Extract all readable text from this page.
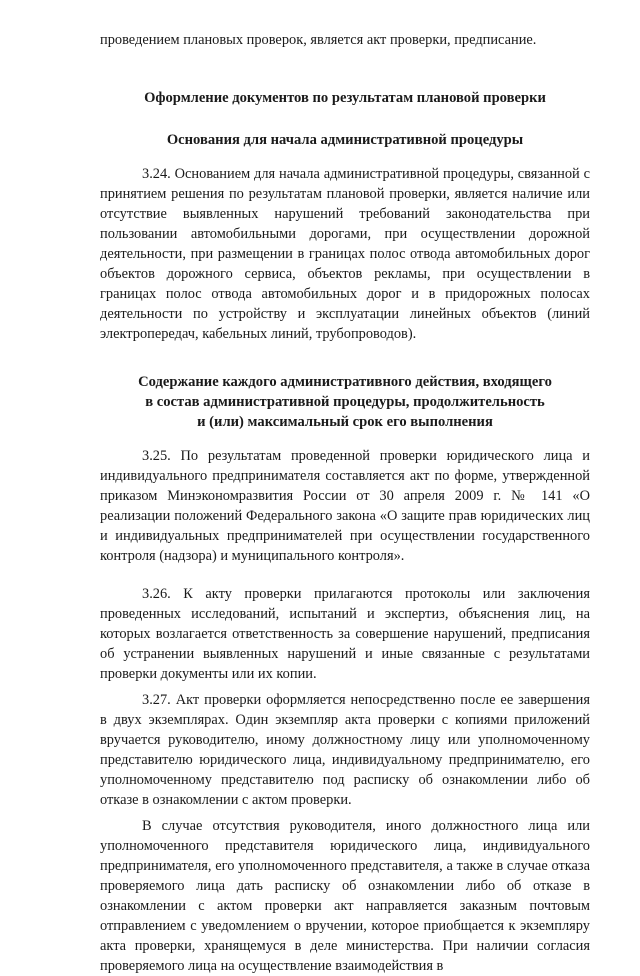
проведением плановых проверок, является акт проверки, предписание.

Оформление документов по результатам плановой проверки
Основания для начала административной процедуры

3.24. Основанием для начала административной процедуры, связанной с принятием решения по результатам плановой проверки, является наличие или отсутствие выявленных нарушений требований законодательства при пользовании автомобильными дорогами, при осуществлении дорожной деятельности, при размещении в границах полос отвода автомобильных дорог объектов дорожного сервиса, объектов рекламы, при осуществлении в границах полос отвода автомобильных дорог и в придорожных полосах деятельности по устройству и эксплуатации линейных объектов (линий электропередач, кабельных линий, трубопроводов).

Содержание каждого административного действия, входящего
в состав административной процедуры, продолжительность
и (или) максимальный срок его выполнения

3.25. По результатам проведенной проверки юридического лица и индивидуального предпринимателя составляется акт по форме, утвержденной приказом Минэкономразвития России от 30 апреля 2009 г. № 141 «О реализации положений Федерального закона «О защите прав юридических лиц и индивидуальных предпринимателей при осуществлении государственного контроля (надзора) и муниципального контроля».

3.26. К акту проверки прилагаются протоколы или заключения проведенных исследований, испытаний и экспертиз, объяснения лиц, на которых возлагается ответственность за совершение нарушений, предписания об устранении выявленных нарушений и иные связанные с результатами проверки документы или их копии.

3.27. Акт проверки оформляется непосредственно после ее завершения в двух экземплярах. Один экземпляр акта проверки с копиями приложений вручается руководителю, иному должностному лицу или уполномоченному представителю юридического лица, индивидуальному предпринимателю, его уполномоченному представителю под расписку об ознакомлении либо об отказе в ознакомлении с актом проверки.

В случае отсутствия руководителя, иного должностного лица или уполномоченного представителя юридического лица, индивидуального предпринимателя, его уполномоченного представителя, а также в случае отказа проверяемого лица дать расписку об ознакомлении либо об отказе в ознакомлении с актом проверки акт направляется заказным почтовым отправлением с уведомлением о вручении, которое приобщается к экземпляру акта проверки, хранящемуся в деле министерства. При наличии согласия проверяемого лица на осуществление взаимодействия в
